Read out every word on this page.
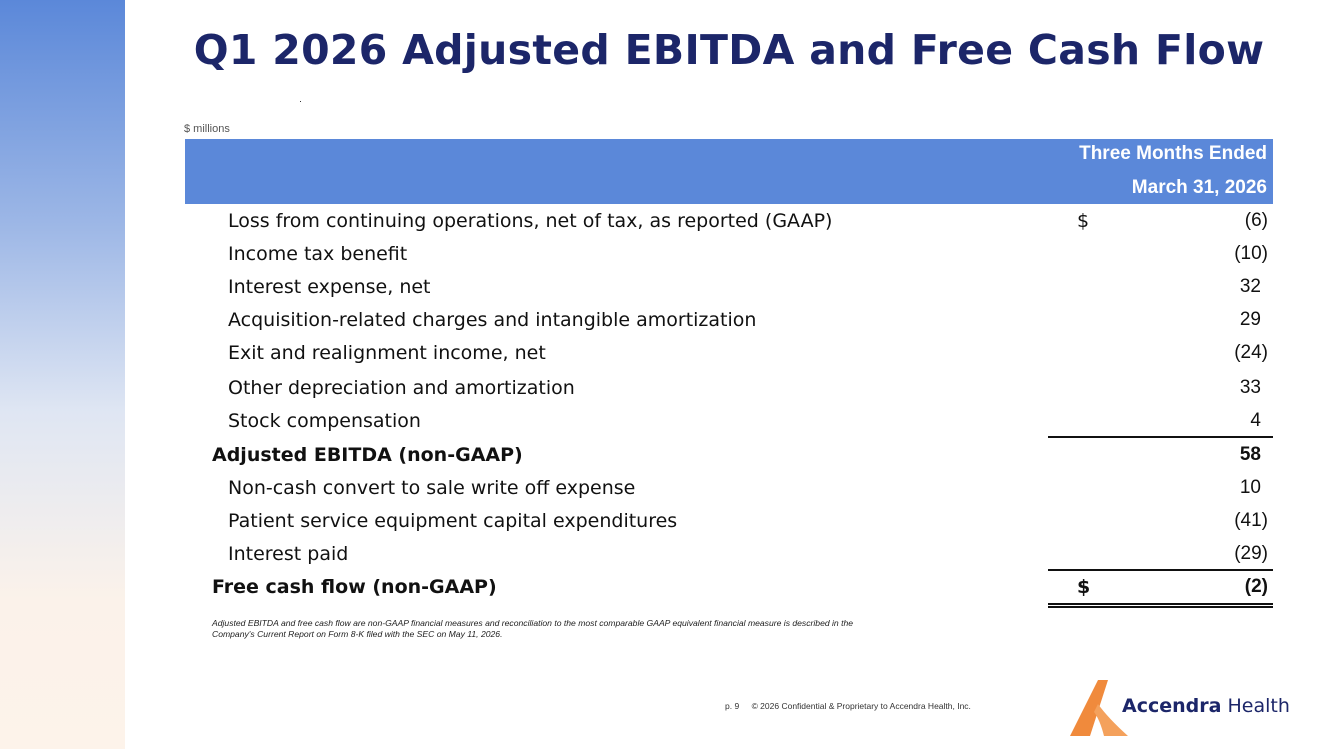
Q1 2026 Adjusted EBITDA and Free Cash Flow
$ millions
Three Months Ended
March 31, 2026
Loss from continuing operations, net of tax, as reported (GAAP)	$	(6)
Income tax benefit	(10)
Interest expense, net	32
Acquisition-related charges and intangible amortization	29
Exit and realignment income, net	(24)
Other depreciation and amortization	33
Stock compensation	4
Adjusted EBITDA (non-GAAP)	58
Non-cash convert to sale write off expense	10
Patient service equipment capital expenditures	(41)
Interest paid	(29)
Free cash flow (non-GAAP)	$	(2)
Adjusted EBITDA and free cash flow are non-GAAP financial measures and reconciliation to the most comparable GAAP equivalent financial measure is described in the Company's Current Report on Form 8-K filed with the SEC on May 11, 2026.
p. 9 © 2026 Confidential & Proprietary to Accendra Health, Inc.	Accendra Health
